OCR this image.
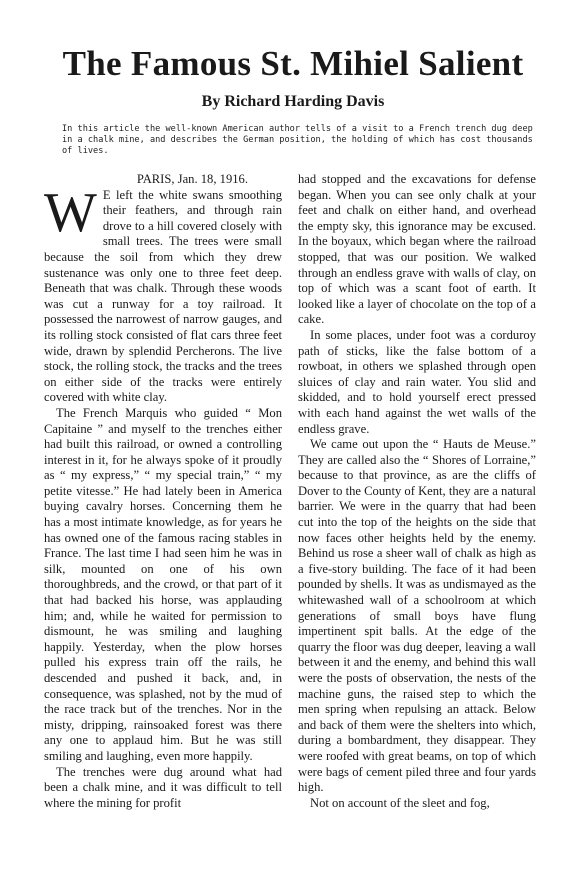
The Famous St. Mihiel Salient
By Richard Harding Davis

In this article the well-known American author tells of a visit to a French trench dug deep in a chalk mine, and describes the German position, the holding of which has cost thousands of lives.

PARIS, Jan. 18, 1916.

W E left the white swans smoothing their feathers, and through rain drove to a hill covered closely with small trees. The trees were small because the soil from which they drew sustenance was only one to three feet deep. Beneath that was chalk. Through these woods was cut a runway for a toy railroad. It possessed the narrowest of narrow gauges, and its rolling stock consisted of flat cars three feet wide, drawn by splendid Percherons. The live stock, the rolling stock, the tracks and the trees on either side of the tracks were entirely covered with white clay.

The French Marquis who guided “ Mon Capitaine ” and myself to the trenches either had built this railroad, or owned a controlling interest in it, for he always spoke of it proudly as “ my express,” “ my special train,” “ my petite vitesse.” He had lately been in America buying cavalry horses. Concerning them he has a most intimate knowledge, as for years he has owned one of the famous racing stables in France. The last time I had seen him he was in silk, mounted on one of his own thoroughbreds, and the crowd, or that part of it that had backed his horse, was applauding him; and, while he waited for permission to dismount, he was smiling and laughing happily. Yesterday, when the plow horses pulled his express train off the rails, he descended and pushed it back, and, in consequence, was splashed, not by the mud of the race track but of the trenches. Nor in the misty, dripping, rainsoaked forest was there any one to applaud him. But he was still smiling and laughing, even more happily.

The trenches were dug around what had been a chalk mine, and it was difficult to tell where the mining for profit

had stopped and the excavations for defense began. When you can see only chalk at your feet and chalk on either hand, and overhead the empty sky, this ignorance may be excused. In the boyaux, which began where the railroad stopped, that was our position. We walked through an endless grave with walls of clay, on top of which was a scant foot of earth. It looked like a layer of chocolate on the top of a cake.

In some places, under foot was a corduroy path of sticks, like the false bottom of a rowboat, in others we splashed through open sluices of clay and rain water. You slid and skidded, and to hold yourself erect pressed with each hand against the wet walls of the endless grave.

We came out upon the “ Hauts de Meuse.” They are called also the “ Shores of Lorraine,” because to that province, as are the cliffs of Dover to the County of Kent, they are a natural barrier. We were in the quarry that had been cut into the top of the heights on the side that now faces other heights held by the enemy. Behind us rose a sheer wall of chalk as high as a five-story building. The face of it had been pounded by shells. It was as undismayed as the whitewashed wall of a schoolroom at which generations of small boys have flung impertinent spit balls. At the edge of the quarry the floor was dug deeper, leaving a wall between it and the enemy, and behind this wall were the posts of observation, the nests of the machine guns, the raised step to which the men spring when repulsing an attack. Below and back of them were the shelters into which, during a bombardment, they disappear. They were roofed with great beams, on top of which were bags of cement piled three and four yards high.

Not on account of the sleet and fog,
